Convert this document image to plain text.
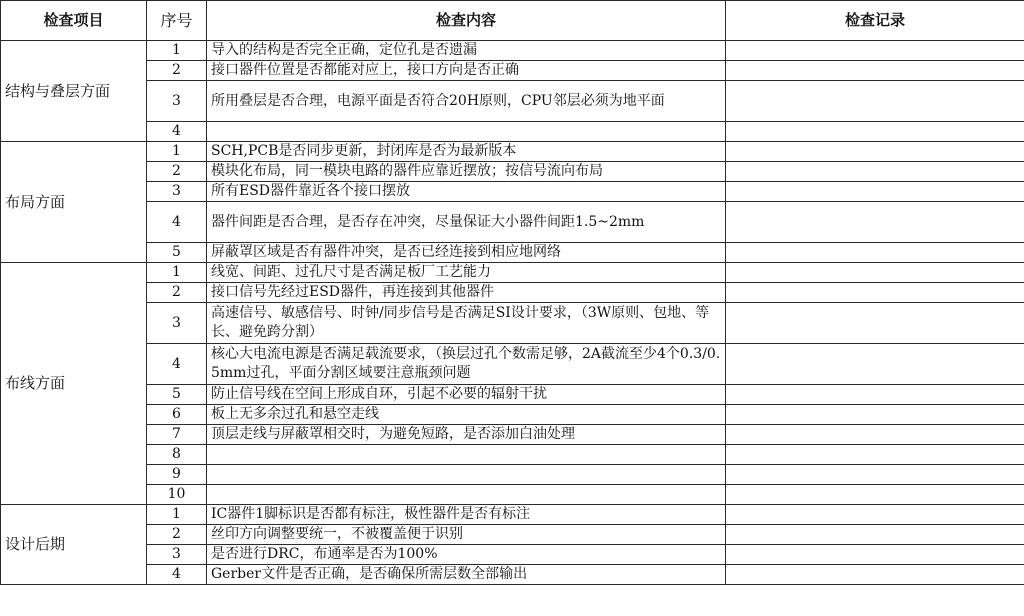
检查项目	序号	检查内容	检查记录
结构与叠层方面	1	导入的结构是否完全正确，定位孔是否遗漏	
	2	接口器件位置是否都能对应上，接口方向是否正确	
	3	所用叠层是否合理，电源平面是否符合20H原则，CPU邻层必须为地平面	
	4		
布局方面	1	SCH,PCB是否同步更新，封闭库是否为最新版本	
	2	模块化布局，同一模块电路的器件应靠近摆放；按信号流向布局	
	3	所有ESD器件靠近各个接口摆放	
	4	器件间距是否合理，是否存在冲突，尽量保证大小器件间距1.5~2mm	
	5	屏蔽罩区域是否有器件冲突，是否已经连接到相应地网络	
布线方面	1	线宽、间距、过孔尺寸是否满足板厂工艺能力	
	2	接口信号先经过ESD器件，再连接到其他器件	
	3	高速信号、敏感信号、时钟/同步信号是否满足SI设计要求，（3W原则、包地、等长、避免跨分割）	
	4	核心大电流电源是否满足载流要求，（换层过孔个数需足够，2A截流至少4个0.3/0.5mm过孔，平面分割区域要注意瓶颈问题	
	5	防止信号线在空间上形成自环，引起不必要的辐射干扰	
	6	板上无多余过孔和悬空走线	
	7	顶层走线与屏蔽罩相交时，为避免短路，是否添加白油处理	
	8		
	9		
	10		
设计后期	1	IC器件1脚标识是否都有标注，极性器件是否有标注	
	2	丝印方向调整要统一，不被覆盖便于识别	
	3	是否进行DRC，布通率是否为100%	
	4	Gerber文件是否正确，是否确保所需层数全部输出	
